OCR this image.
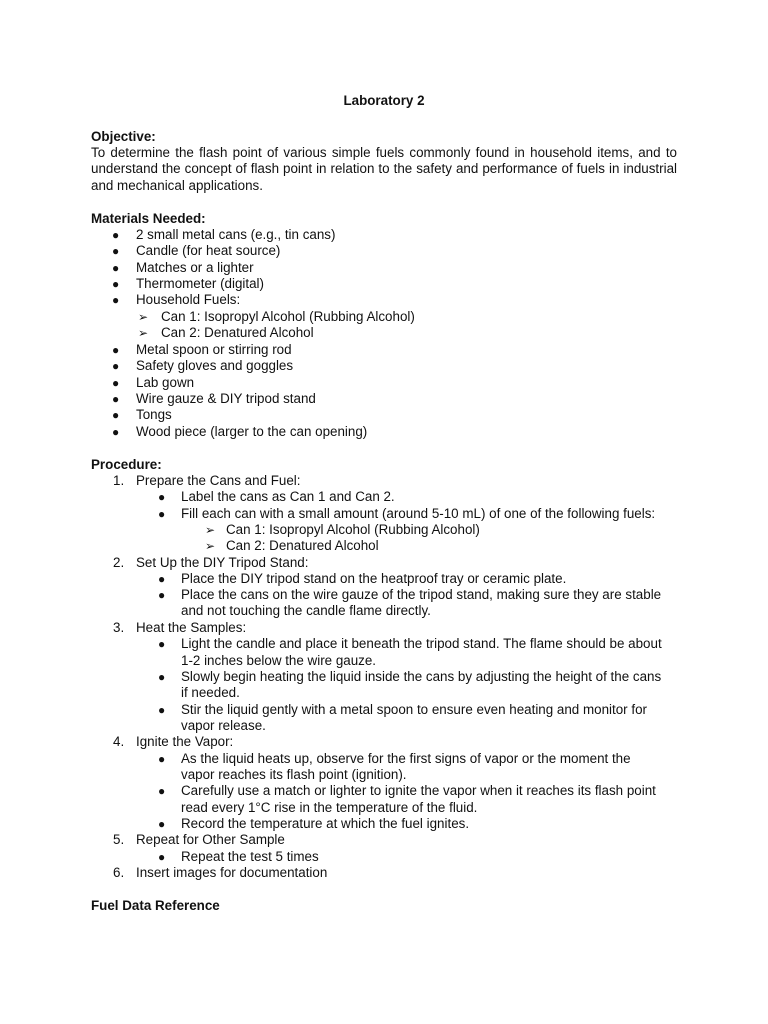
Laboratory 2
Objective:
To determine the flash point of various simple fuels commonly found in household items, and to understand the concept of flash point in relation to the safety and performance of fuels in industrial and mechanical applications.
Materials Needed:
● 2 small metal cans (e.g., tin cans)
● Candle (for heat source)
● Matches or a lighter
● Thermometer (digital)
● Household Fuels:
➢ Can 1: Isopropyl Alcohol (Rubbing Alcohol)
➢ Can 2: Denatured Alcohol
● Metal spoon or stirring rod
● Safety gloves and goggles
● Lab gown
● Wire gauze & DIY tripod stand
● Tongs
● Wood piece (larger to the can opening)
Procedure:
1. Prepare the Cans and Fuel:
● Label the cans as Can 1 and Can 2.
● Fill each can with a small amount (around 5-10 mL) of one of the following fuels:
➢ Can 1: Isopropyl Alcohol (Rubbing Alcohol)
➢ Can 2: Denatured Alcohol
2. Set Up the DIY Tripod Stand:
● Place the DIY tripod stand on the heatproof tray or ceramic plate.
● Place the cans on the wire gauze of the tripod stand, making sure they are stable
and not touching the candle flame directly.
3. Heat the Samples:
● Light the candle and place it beneath the tripod stand. The flame should be about
1-2 inches below the wire gauze.
● Slowly begin heating the liquid inside the cans by adjusting the height of the cans
if needed.
● Stir the liquid gently with a metal spoon to ensure even heating and monitor for
vapor release.
4. Ignite the Vapor:
● As the liquid heats up, observe for the first signs of vapor or the moment the
vapor reaches its flash point (ignition).
● Carefully use a match or lighter to ignite the vapor when it reaches its flash point
read every 1°C rise in the temperature of the fluid.
● Record the temperature at which the fuel ignites.
5. Repeat for Other Sample
● Repeat the test 5 times
6. Insert images for documentation
Fuel Data Reference
